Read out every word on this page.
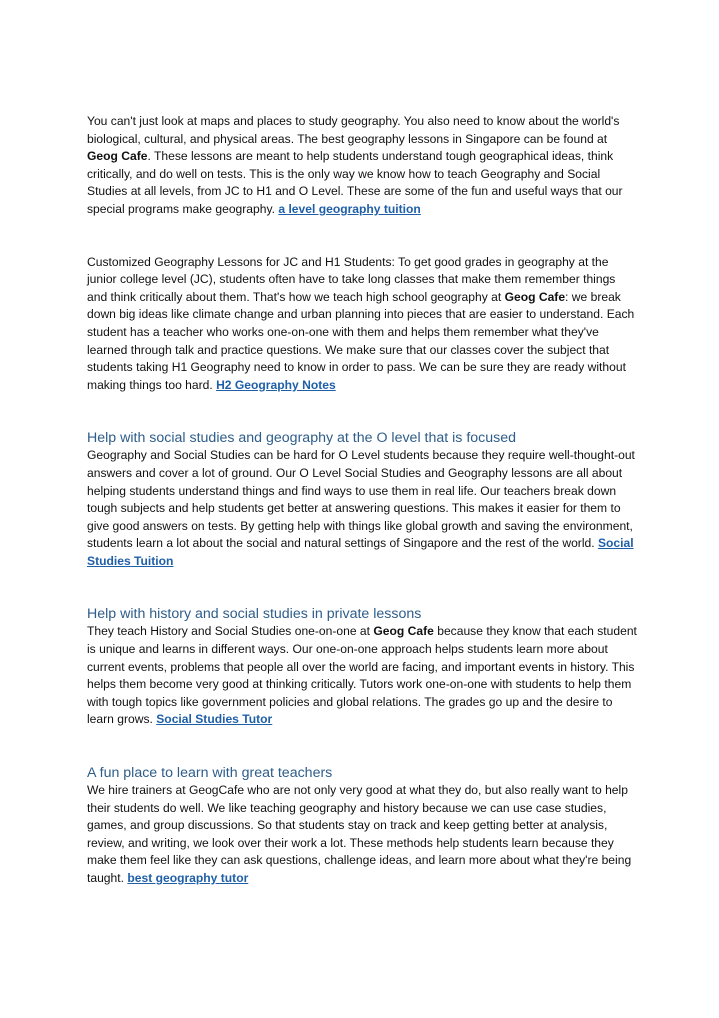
You can't just look at maps and places to study geography. You also need to know about the world's biological, cultural, and physical areas. The best geography lessons in Singapore can be found at Geog Cafe. These lessons are meant to help students understand tough geographical ideas, think critically, and do well on tests. This is the only way we know how to teach Geography and Social Studies at all levels, from JC to H1 and O Level. These are some of the fun and useful ways that our special programs make geography. a level geography tuition

Customized Geography Lessons for JC and H1 Students: To get good grades in geography at the junior college level (JC), students often have to take long classes that make them remember things and think critically about them. That's how we teach high school geography at Geog Cafe: we break down big ideas like climate change and urban planning into pieces that are easier to understand. Each student has a teacher who works one-on-one with them and helps them remember what they've learned through talk and practice questions. We make sure that our classes cover the subject that students taking H1 Geography need to know in order to pass. We can be sure they are ready without making things too hard. H2 Geography Notes

Help with social studies and geography at the O level that is focused

Geography and Social Studies can be hard for O Level students because they require well-thought-out answers and cover a lot of ground. Our O Level Social Studies and Geography lessons are all about helping students understand things and find ways to use them in real life. Our teachers break down tough subjects and help students get better at answering questions. This makes it easier for them to give good answers on tests. By getting help with things like global growth and saving the environment, students learn a lot about the social and natural settings of Singapore and the rest of the world. Social Studies Tuition

Help with history and social studies in private lessons

They teach History and Social Studies one-on-one at Geog Cafe because they know that each student is unique and learns in different ways. Our one-on-one approach helps students learn more about current events, problems that people all over the world are facing, and important events in history. This helps them become very good at thinking critically. Tutors work one-on-one with students to help them with tough topics like government policies and global relations. The grades go up and the desire to learn grows. Social Studies Tutor

A fun place to learn with great teachers

We hire trainers at GeogCafe who are not only very good at what they do, but also really want to help their students do well. We like teaching geography and history because we can use case studies, games, and group discussions. So that students stay on track and keep getting better at analysis, review, and writing, we look over their work a lot. These methods help students learn because they make them feel like they can ask questions, challenge ideas, and learn more about what they're being taught. best geography tutor
